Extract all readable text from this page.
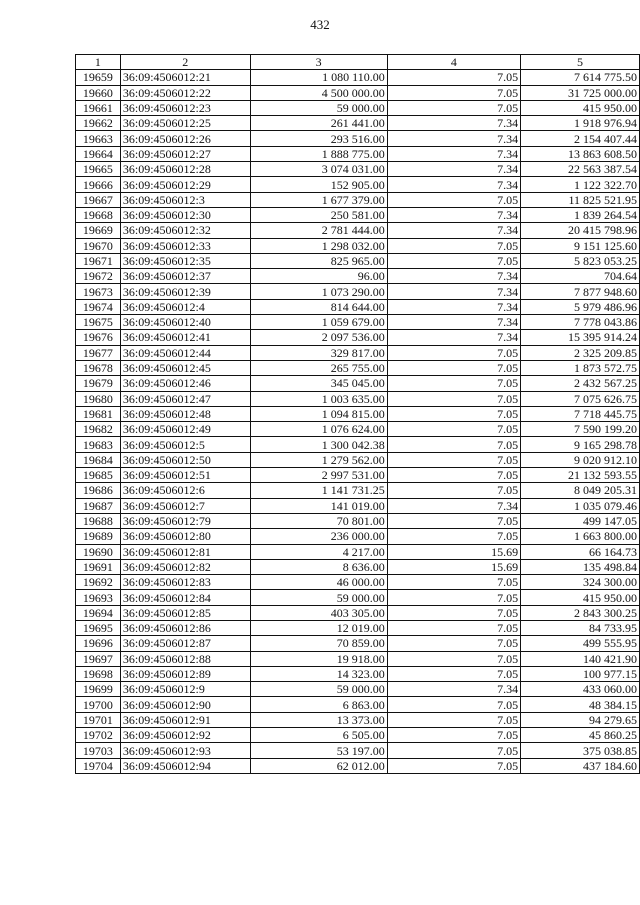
432
1	2	3	4	5
19659	36:09:4506012:21	1 080 110.00	7.05	7 614 775.50
19660	36:09:4506012:22	4 500 000.00	7.05	31 725 000.00
19661	36:09:4506012:23	59 000.00	7.05	415 950.00
19662	36:09:4506012:25	261 441.00	7.34	1 918 976.94
19663	36:09:4506012:26	293 516.00	7.34	2 154 407.44
19664	36:09:4506012:27	1 888 775.00	7.34	13 863 608.50
19665	36:09:4506012:28	3 074 031.00	7.34	22 563 387.54
19666	36:09:4506012:29	152 905.00	7.34	1 122 322.70
19667	36:09:4506012:3	1 677 379.00	7.05	11 825 521.95
19668	36:09:4506012:30	250 581.00	7.34	1 839 264.54
19669	36:09:4506012:32	2 781 444.00	7.34	20 415 798.96
19670	36:09:4506012:33	1 298 032.00	7.05	9 151 125.60
19671	36:09:4506012:35	825 965.00	7.05	5 823 053.25
19672	36:09:4506012:37	96.00	7.34	704.64
19673	36:09:4506012:39	1 073 290.00	7.34	7 877 948.60
19674	36:09:4506012:4	814 644.00	7.34	5 979 486.96
19675	36:09:4506012:40	1 059 679.00	7.34	7 778 043.86
19676	36:09:4506012:41	2 097 536.00	7.34	15 395 914.24
19677	36:09:4506012:44	329 817.00	7.05	2 325 209.85
19678	36:09:4506012:45	265 755.00	7.05	1 873 572.75
19679	36:09:4506012:46	345 045.00	7.05	2 432 567.25
19680	36:09:4506012:47	1 003 635.00	7.05	7 075 626.75
19681	36:09:4506012:48	1 094 815.00	7.05	7 718 445.75
19682	36:09:4506012:49	1 076 624.00	7.05	7 590 199.20
19683	36:09:4506012:5	1 300 042.38	7.05	9 165 298.78
19684	36:09:4506012:50	1 279 562.00	7.05	9 020 912.10
19685	36:09:4506012:51	2 997 531.00	7.05	21 132 593.55
19686	36:09:4506012:6	1 141 731.25	7.05	8 049 205.31
19687	36:09:4506012:7	141 019.00	7.34	1 035 079.46
19688	36:09:4506012:79	70 801.00	7.05	499 147.05
19689	36:09:4506012:80	236 000.00	7.05	1 663 800.00
19690	36:09:4506012:81	4 217.00	15.69	66 164.73
19691	36:09:4506012:82	8 636.00	15.69	135 498.84
19692	36:09:4506012:83	46 000.00	7.05	324 300.00
19693	36:09:4506012:84	59 000.00	7.05	415 950.00
19694	36:09:4506012:85	403 305.00	7.05	2 843 300.25
19695	36:09:4506012:86	12 019.00	7.05	84 733.95
19696	36:09:4506012:87	70 859.00	7.05	499 555.95
19697	36:09:4506012:88	19 918.00	7.05	140 421.90
19698	36:09:4506012:89	14 323.00	7.05	100 977.15
19699	36:09:4506012:9	59 000.00	7.34	433 060.00
19700	36:09:4506012:90	6 863.00	7.05	48 384.15
19701	36:09:4506012:91	13 373.00	7.05	94 279.65
19702	36:09:4506012:92	6 505.00	7.05	45 860.25
19703	36:09:4506012:93	53 197.00	7.05	375 038.85
19704	36:09:4506012:94	62 012.00	7.05	437 184.60
